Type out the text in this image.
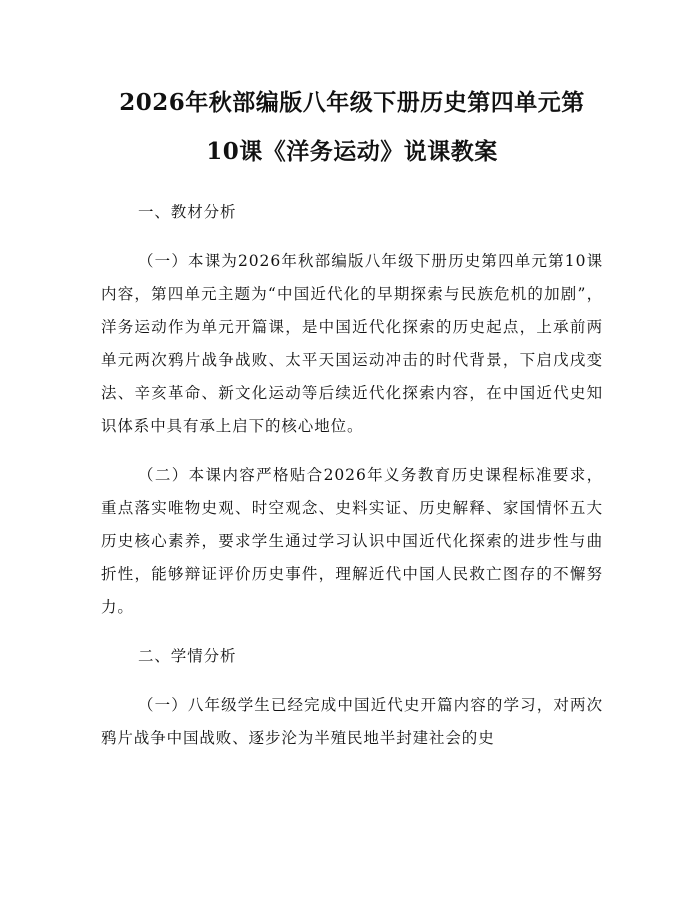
2026年秋部编版八年级下册历史第四单元第
10课《洋务运动》说课教案

一、教材分析

（一）本课为2026年秋部编版八年级下册历史第四单元第10课内容，第四单元主题为“中国近代化的早期探索与民族危机的加剧”，洋务运动作为单元开篇课，是中国近代化探索的历史起点，上承前两单元两次鸦片战争战败、太平天国运动冲击的时代背景，下启戊戌变法、辛亥革命、新文化运动等后续近代化探索内容，在中国近代史知识体系中具有承上启下的核心地位。

（二）本课内容严格贴合2026年义务教育历史课程标准要求，重点落实唯物史观、时空观念、史料实证、历史解释、家国情怀五大历史核心素养，要求学生通过学习认识中国近代化探索的进步性与曲折性，能够辩证评价历史事件，理解近代中国人民救亡图存的不懈努力。

二、学情分析

（一）八年级学生已经完成中国近代史开篇内容的学习，对两次鸦片战争中国战败、逐步沦为半殖民地半封建社会的史
